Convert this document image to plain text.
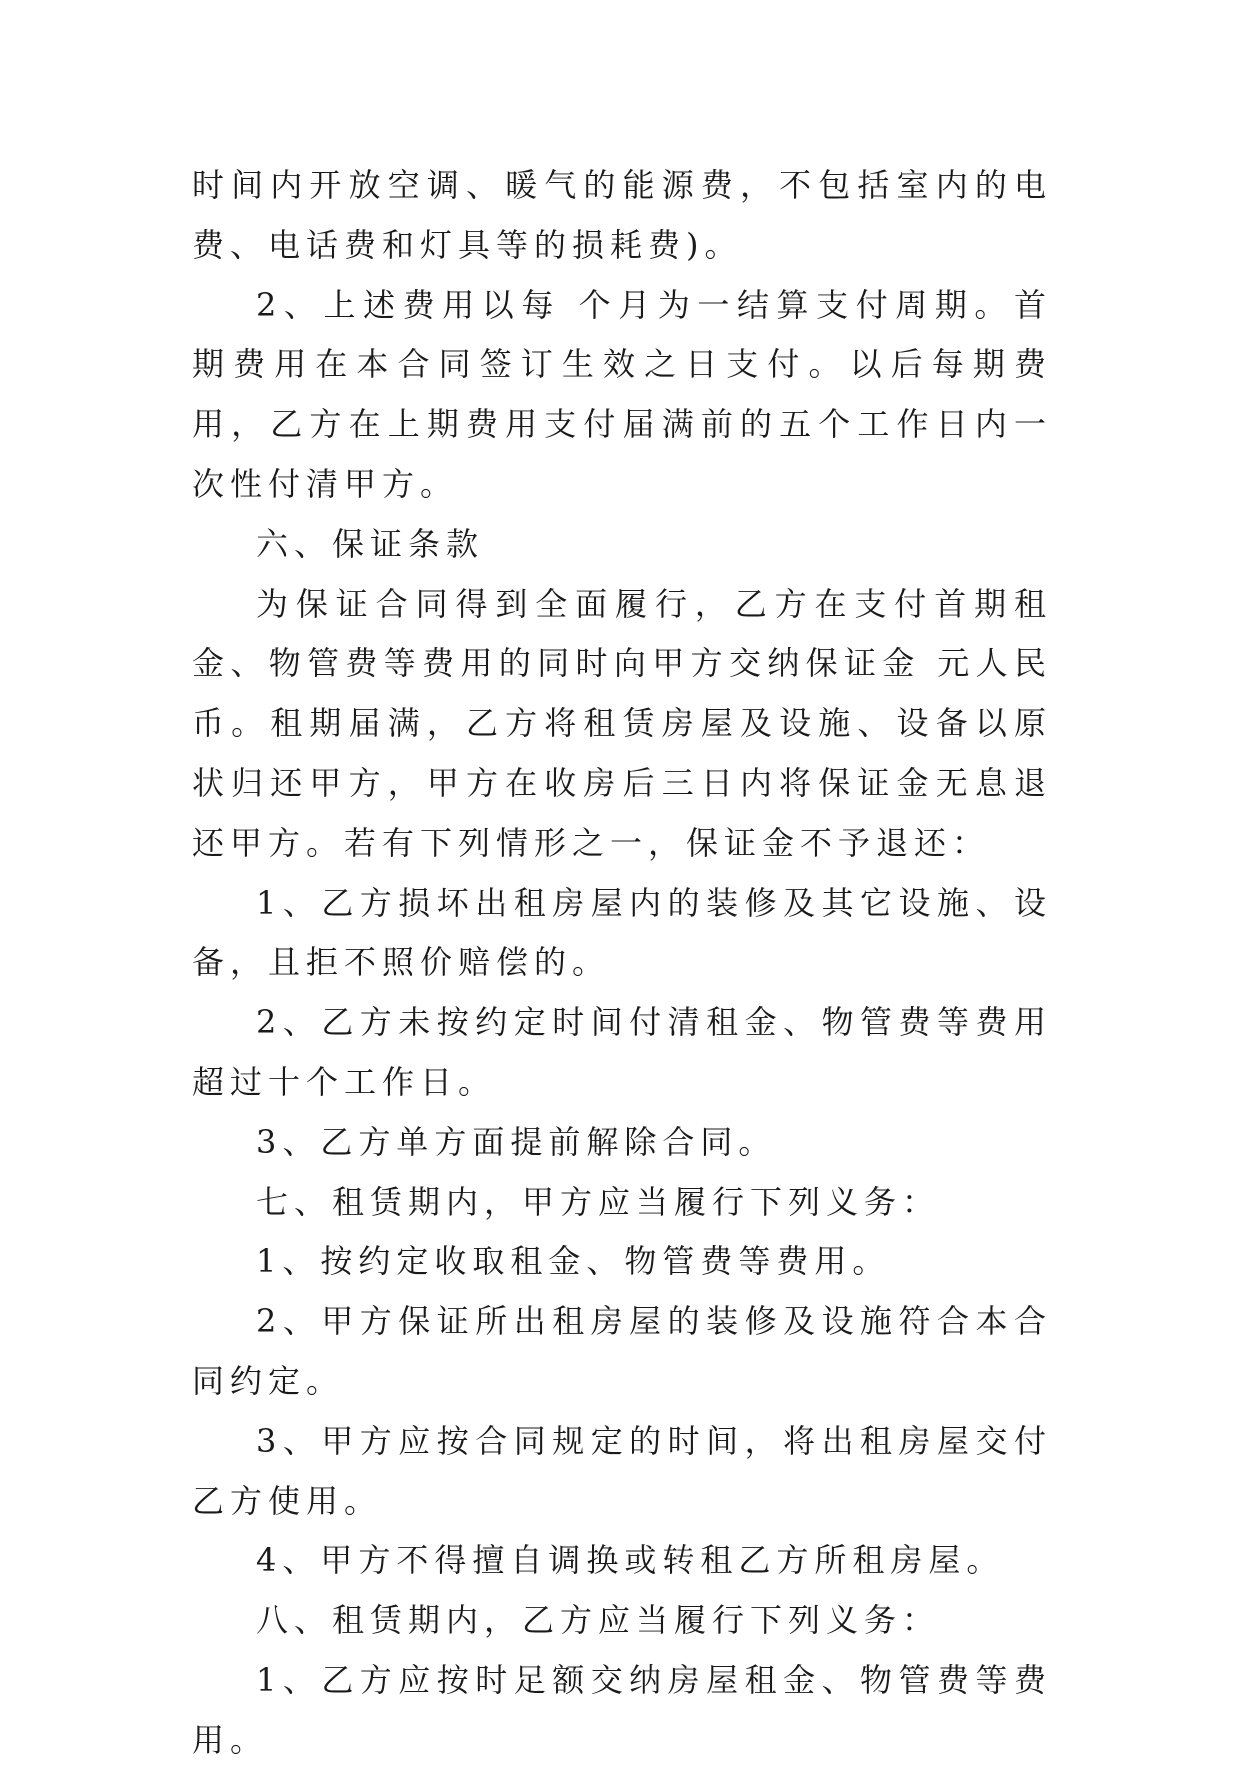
时间内开放空调、暖气的能源费，不包括室内的电费、电话费和灯具等的损耗费)。

2、上述费用以每 个月为一结算支付周期。首期费用在本合同签订生效之日支付。以后每期费用，乙方在上期费用支付届满前的五个工作日内一次性付清甲方。

六、保证条款

为保证合同得到全面履行，乙方在支付首期租金、物管费等费用的同时向甲方交纳保证金 元人民币。租期届满，乙方将租赁房屋及设施、设备以原状归还甲方，甲方在收房后三日内将保证金无息退还甲方。若有下列情形之一，保证金不予退还：

1、乙方损坏出租房屋内的装修及其它设施、设备，且拒不照价赔偿的。

2、乙方未按约定时间付清租金、物管费等费用超过十个工作日。

3、乙方单方面提前解除合同。

七、租赁期内，甲方应当履行下列义务：

1、按约定收取租金、物管费等费用。

2、甲方保证所出租房屋的装修及设施符合本合同约定。

3、甲方应按合同规定的时间，将出租房屋交付乙方使用。

4、甲方不得擅自调换或转租乙方所租房屋。

八、租赁期内，乙方应当履行下列义务：

1、乙方应按时足额交纳房屋租金、物管费等费用。
